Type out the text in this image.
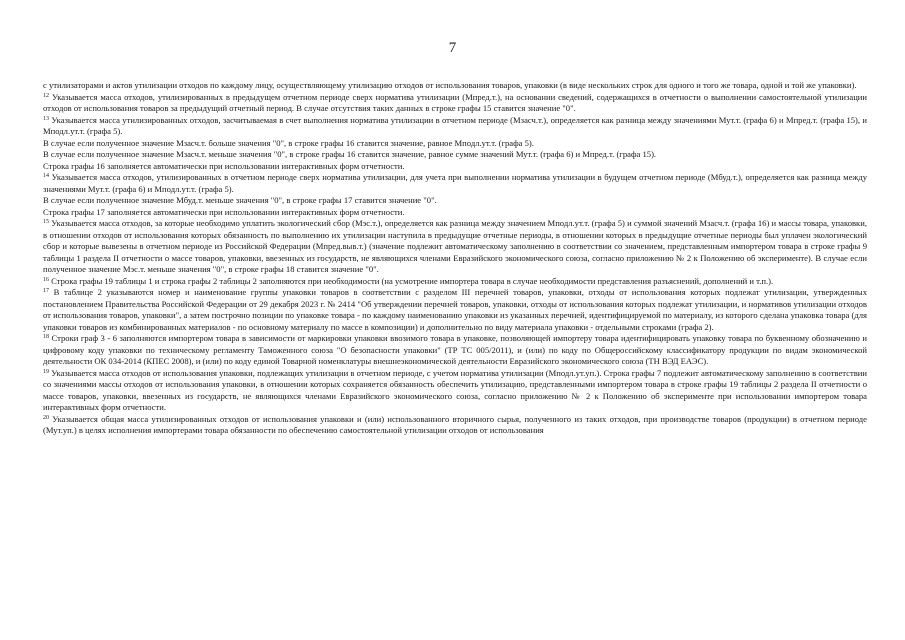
7

с утилизаторами и актов утилизации отходов по каждому лицу, осуществляющему утилизацию отходов от использования товаров, упаковки (в виде нескольких строк для одного и того же товара, одной и той же упаковки).

$^{12}$ Указывается масса отходов, утилизированных в предыдущем отчетном периоде сверх норматива утилизации (Мпред.т.), на основании сведений, содержащихся в отчетности о выполнении самостоятельной утилизации отходов от использования товаров за предыдущий отчетный период. В случае отсутствия таких данных в строке графы 15 ставится значение "0".

$^{13}$ Указывается масса утилизированных отходов, засчитываемая в счет выполнения норматива утилизации в отчетном периоде (Мзасч.т.), определяется как разница между значениями Мут.т. (графа 6) и Мпред.т. (графа 15), и Мподл.ут.т. (графа 5).

В случае если полученное значение Мзасч.т. больше значения "0", в строке графы 16 ставится значение, равное Мподл.ут.т. (графа 5).

В случае если полученное значение Мзасч.т. меньше значения "0", в строке графы 16 ставится значение, равное сумме значений Мут.т. (графа 6) и Мпред.т. (графа 15).

Строка графы 16 заполняется автоматически при использовании интерактивных форм отчетности.

$^{14}$ Указывается масса отходов, утилизированных в отчетном периоде сверх норматива утилизации, для учета при выполнении норматива утилизации в будущем отчетном периоде (Мбуд.т.), определяется как разница между значениями Мут.т. (графа 6) и Мподл.ут.т. (графа 5).

В случае если полученное значение Мбуд.т. меньше значения "0", в строке графы 17 ставится значение "0".

Строка графы 17 заполняется автоматически при использовании интерактивных форм отчетности.

$^{15}$ Указывается масса отходов, за которые необходимо уплатить экологический сбор (Мэс.т.), определяется как разница между значением Мподл.ут.т. (графа 5) и суммой значений Мзасч.т. (графа 16) и массы товара, упаковки, в отношении отходов от использования которых обязанность по выполнению их утилизации наступила в предыдущие отчетные периоды, в отношении которых в предыдущие отчетные периоды был уплачен экологический сбор и которые вывезены в отчетном периоде из Российской Федерации (Мпред.выв.т.) (значение подлежит автоматическому заполнению в соответствии со значением, представленным импортером товара в строке графы 9 таблицы 1 раздела II отчетности о массе товаров, упаковки, ввезенных из государств, не являющихся членами Евразийского экономического союза, согласно приложению № 2 к Положению об эксперименте). В случае если полученное значение Мэс.т. меньше значения "0", в строке графы 18 ставится значение "0".

$^{16}$ Строка графы 19 таблицы 1 и строка графы 2 таблицы 2 заполняются при необходимости (на усмотрение импортера товара в случае необходимости представления разъяснений, дополнений и т.п.).

$^{17}$ В таблице 2 указываются номер и наименование группы упаковки товаров в соответствии с разделом III перечней товаров, упаковки, отходы от использования которых подлежат утилизации, утвержденных постановлением Правительства Российской Федерации от 29 декабря 2023 г. № 2414 "Об утверждении перечней товаров, упаковки, отходы от использования которых подлежат утилизации, и нормативов утилизации отходов от использования товаров, упаковки", а затем построчно позиции по упаковке товара - по каждому наименованию упаковки из указанных перечней, идентифицируемой по материалу, из которого сделана упаковка товара (для упаковки товаров из комбинированных материалов - по основному материалу по массе в композиции) и дополнительно по виду материала упаковки - отдельными строками (графа 2).

$^{18}$ Строки граф 3 - 6 заполняются импортером товара в зависимости от маркировки упаковки ввозимого товара в упаковке, позволяющей импортеру товара идентифицировать упаковку товара по буквенному обозначению и цифровому коду упаковки по техническому регламенту Таможенного союза "О безопасности упаковки" (ТР ТС 005/2011), и (или) по коду по Общероссийскому классификатору продукции по видам экономической деятельности ОК 034-2014 (КПЕС 2008), и (или) по коду единой Товарной номенклатуры внешнеэкономической деятельности Евразийского экономического союза (ТН ВЭД ЕАЭС).

$^{19}$ Указывается масса отходов от использования упаковки, подлежащих утилизации в отчетном периоде, с учетом норматива утилизации (Мподл.ут.уп.). Строка графы 7 подлежит автоматическому заполнению в соответствии со значениями массы отходов от использования упаковки, в отношении которых сохраняется обязанность обеспечить утилизацию, представленными импортером товара в строке графы 19 таблицы 2 раздела II отчетности о массе товаров, упаковки, ввезенных из государств, не являющихся членами Евразийского экономического союза, согласно приложению № 2 к Положению об эксперименте при использовании импортером товара интерактивных форм отчетности.

$^{20}$ Указывается общая масса утилизированных отходов от использования упаковки и (или) использованного вторичного сырья, полученного из таких отходов, при производстве товаров (продукции) в отчетном периоде (Мут.уп.) в целях исполнения импортерами товара обязанности по обеспечению самостоятельной утилизации отходов от использования
